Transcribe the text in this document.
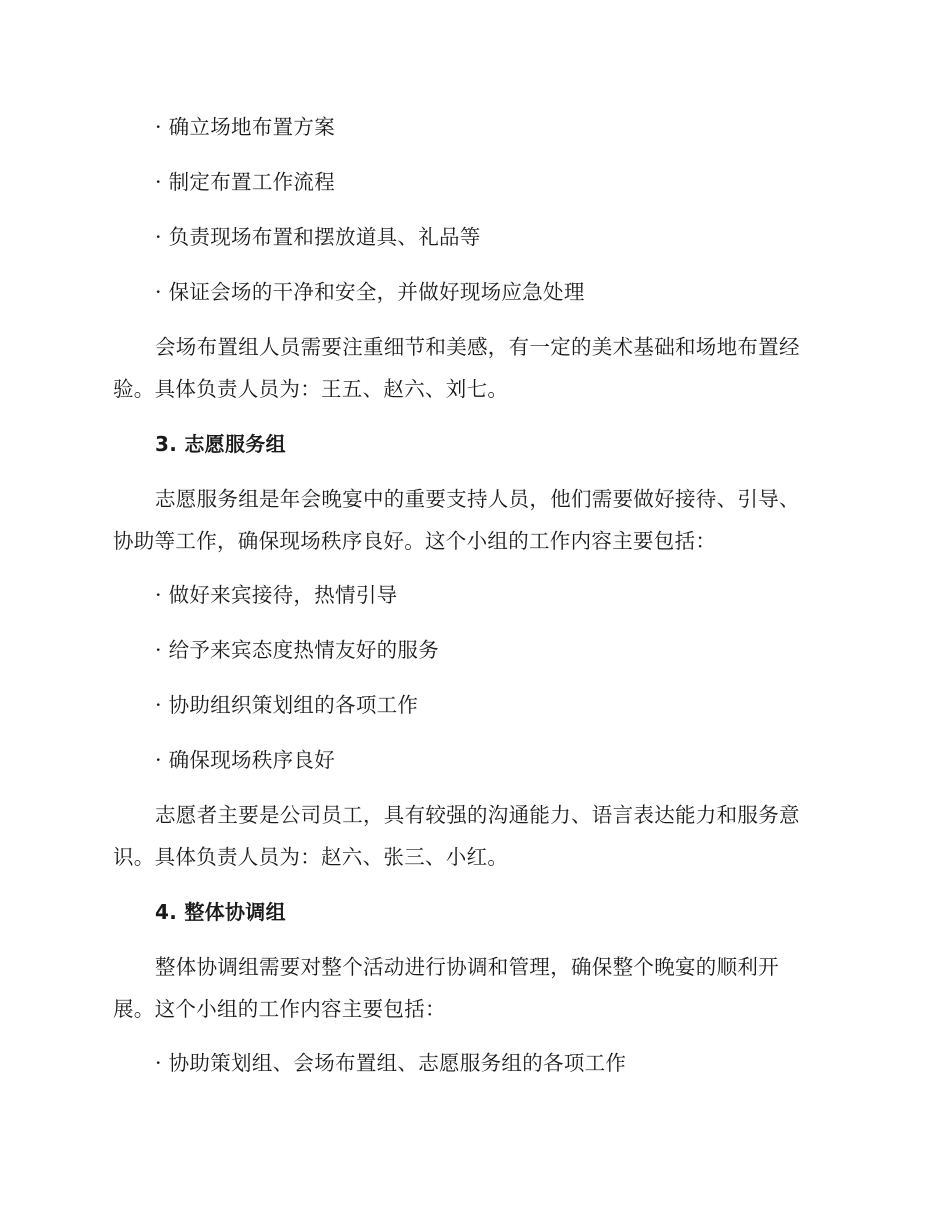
· 确立场地布置方案
· 制定布置工作流程
· 负责现场布置和摆放道具、礼品等
· 保证会场的干净和安全，并做好现场应急处理
会场布置组人员需要注重细节和美感，有一定的美术基础和场地布置经
验。具体负责人员为：王五、赵六、刘七。
3. 志愿服务组
志愿服务组是年会晚宴中的重要支持人员，他们需要做好接待、引导、
协助等工作，确保现场秩序良好。这个小组的工作内容主要包括：
· 做好来宾接待，热情引导
· 给予来宾态度热情友好的服务
· 协助组织策划组的各项工作
· 确保现场秩序良好
志愿者主要是公司员工，具有较强的沟通能力、语言表达能力和服务意
识。具体负责人员为：赵六、张三、小红。
4. 整体协调组
整体协调组需要对整个活动进行协调和管理，确保整个晚宴的顺利开
展。这个小组的工作内容主要包括：
· 协助策划组、会场布置组、志愿服务组的各项工作
